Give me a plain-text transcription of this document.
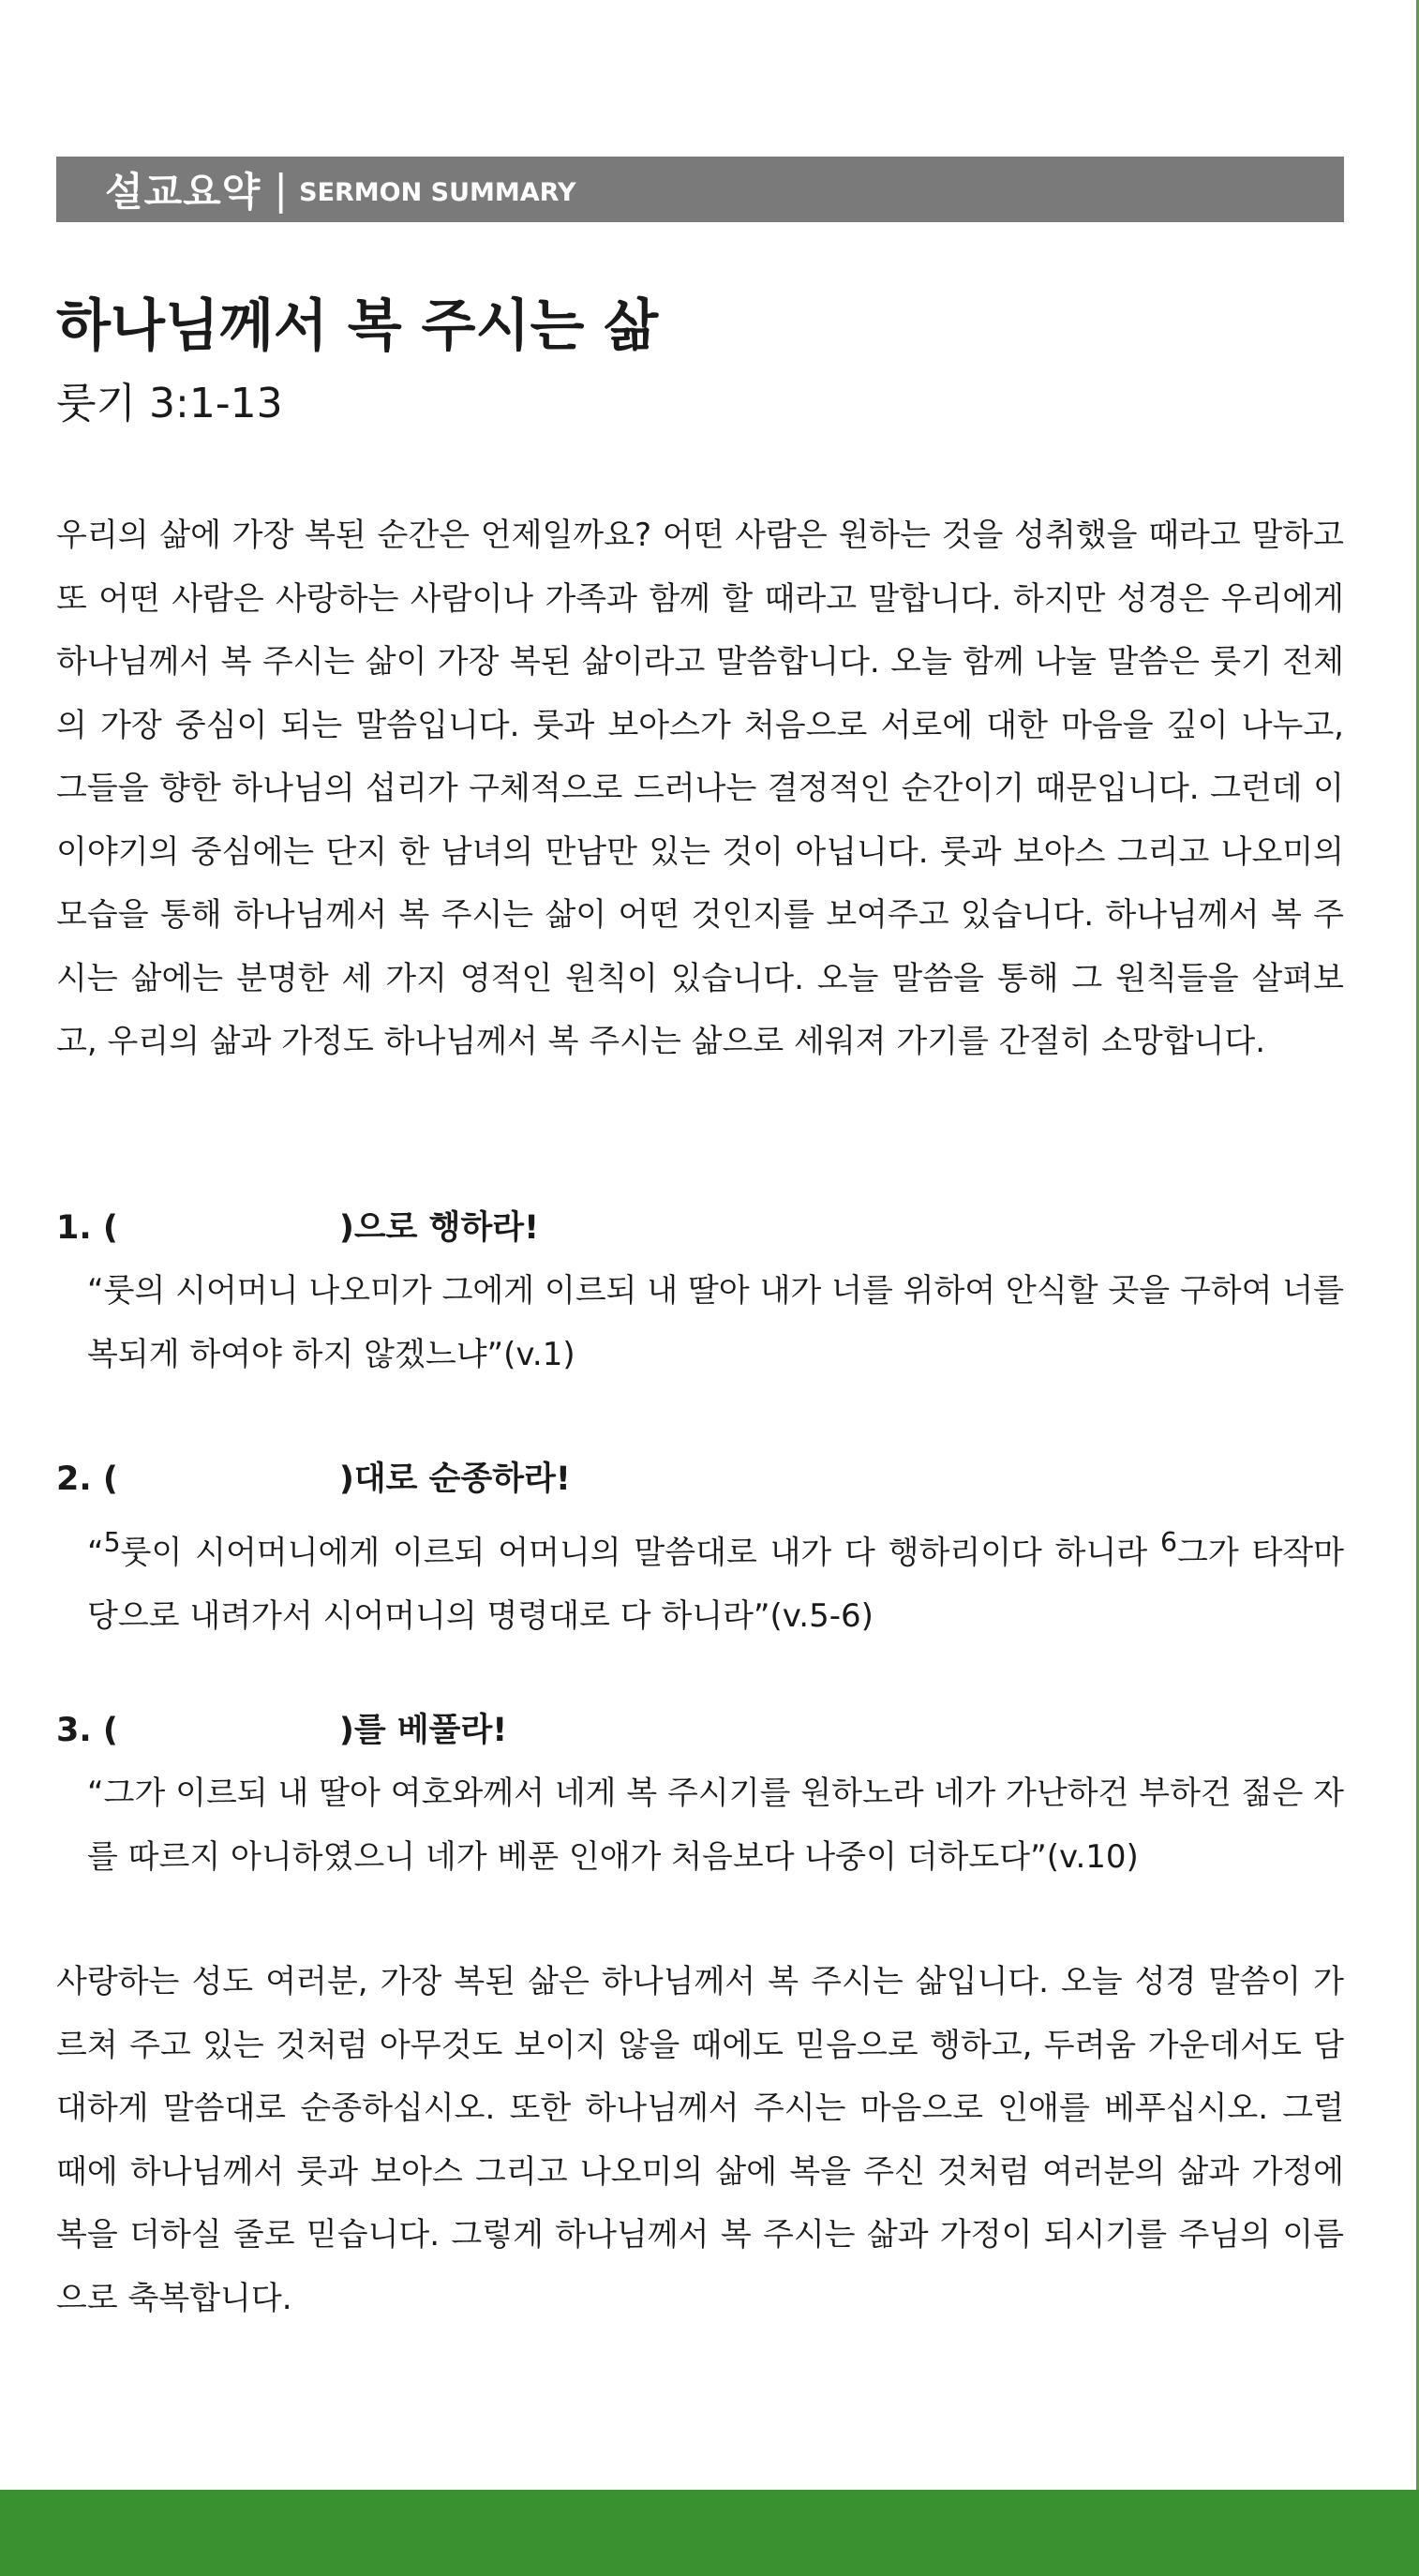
설교요약 | SERMON SUMMARY
하나님께서 복 주시는 삶
룻기 3:1-13

우리의 삶에 가장 복된 순간은 언제일까요? 어떤 사람은 원하는 것을 성취했을 때라고 말하고 또 어떤 사람은 사랑하는 사람이나 가족과 함께 할 때라고 말합니다. 하지만 성경은 우리에게 하나님께서 복 주시는 삶이 가장 복된 삶이라고 말씀합니다. 오늘 함께 나눌 말씀은 룻기 전체의 가장 중심이 되는 말씀입니다. 룻과 보아스가 처음으로 서로에 대한 마음을 깊이 나누고, 그들을 향한 하나님의 섭리가 구체적으로 드러나는 결정적인 순간이기 때문입니다. 그런데 이 이야기의 중심에는 단지 한 남녀의 만남만 있는 것이 아닙니다. 룻과 보아스 그리고 나오미의 모습을 통해 하나님께서 복 주시는 삶이 어떤 것인지를 보여주고 있습니다. 하나님께서 복 주시는 삶에는 분명한 세 가지 영적인 원칙이 있습니다. 오늘 말씀을 통해 그 원칙들을 살펴보고, 우리의 삶과 가정도 하나님께서 복 주시는 삶으로 세워져 가기를 간절히 소망합니다.

1. (	)으로 행하라!

“룻의 시어머니 나오미가 그에게 이르되 내 딸아 내가 너를 위하여 안식할 곳을 구하여 너를 복되게 하여야 하지 않겠느냐”(v.1)

2. (	)대로 순종하라!

“$^5$룻이 시어머니에게 이르되 어머니의 말씀대로 내가 다 행하리이다 하니라 $^6$그가 타작마당으로 내려가서 시어머니의 명령대로 다 하니라”(v.5-6)

3. (	)를 베풀라!

“그가 이르되 내 딸아 여호와께서 네게 복 주시기를 원하노라 네가 가난하건 부하건 젊은 자를 따르지 아니하였으니 네가 베푼 인애가 처음보다 나중이 더하도다”(v.10)

사랑하는 성도 여러분, 가장 복된 삶은 하나님께서 복 주시는 삶입니다. 오늘 성경 말씀이 가르쳐 주고 있는 것처럼 아무것도 보이지 않을 때에도 믿음으로 행하고, 두려움 가운데서도 담대하게 말씀대로 순종하십시오. 또한 하나님께서 주시는 마음으로 인애를 베푸십시오. 그럴 때에 하나님께서 룻과 보아스 그리고 나오미의 삶에 복을 주신 것처럼 여러분의 삶과 가정에 복을 더하실 줄로 믿습니다. 그렇게 하나님께서 복 주시는 삶과 가정이 되시기를 주님의 이름으로 축복합니다.
